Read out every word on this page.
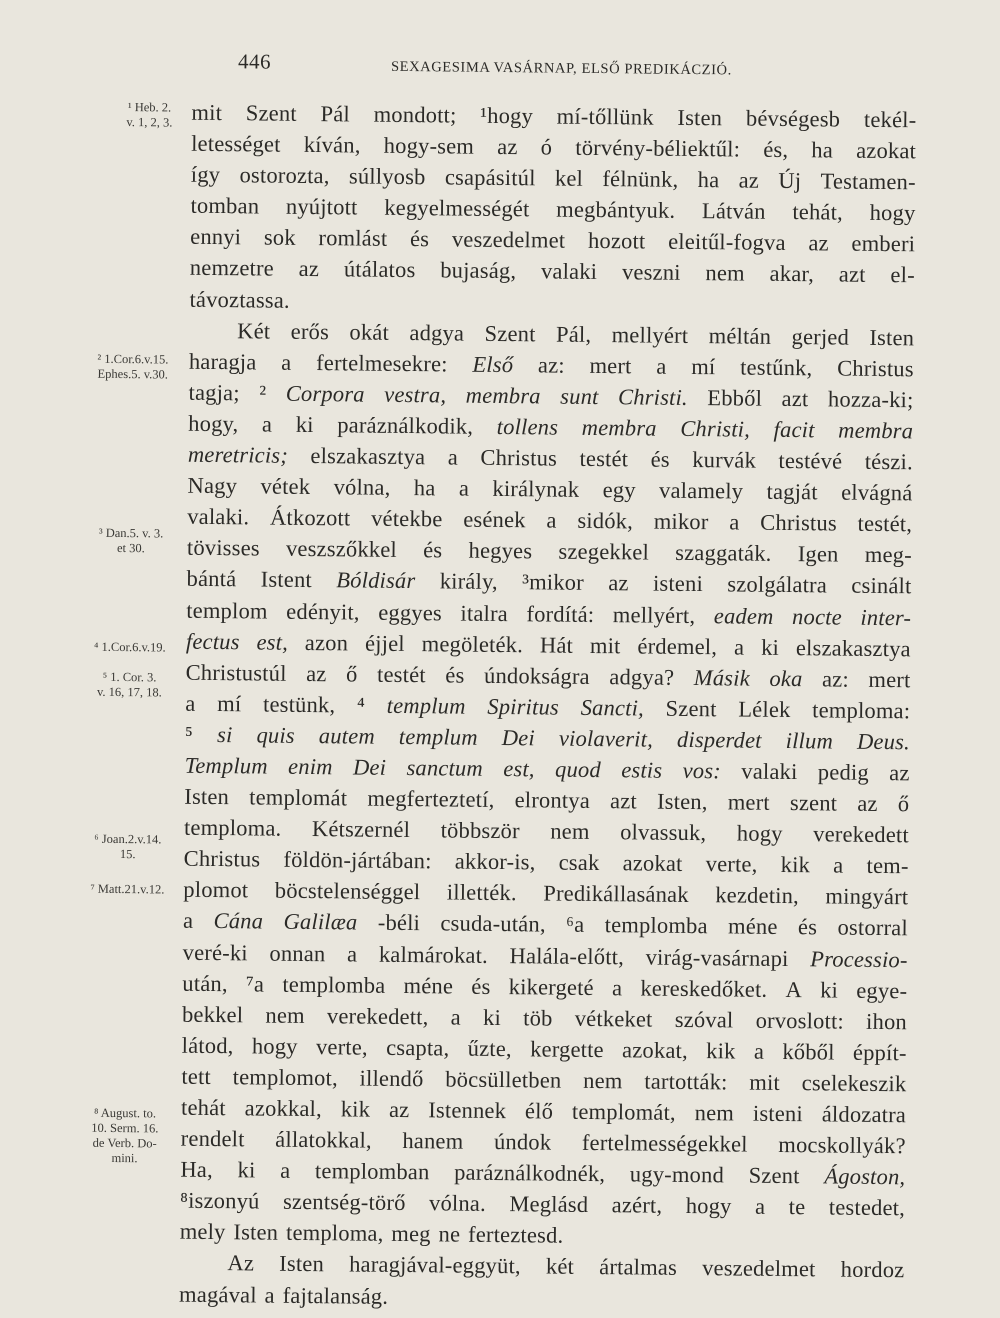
446	SEXAGESIMA VASÁRNAP, ELSŐ PREDIKÁCZIÓ.
mit Szent Pál mondott; ¹hogy mí-tőllünk Isten bévségesb tekél-
letességet kíván, hogy-sem az ó törvény-béliektűl: és, ha azokat
így ostorozta, súllyosb csapásitúl kel félnünk, ha az Új Testamen-
tomban nyújtott kegyelmességét megbántyuk. Látván tehát, hogy
ennyi sok romlást és veszedelmet hozott eleitűl-fogva az emberi
nemzetre az útálatos bujaság, valaki veszni nem akar, azt el-
távoztassa.
Két erős okát adgya Szent Pál, mellyért méltán gerjed Isten
haragja a fertelmesekre: Első az: mert a mí testűnk, Christus
tagja; ² Corpora vestra, membra sunt Christi. Ebből azt hozza-ki;
hogy, a ki paráználkodik, tollens membra Christi, facit membra
meretricis; elszakasztya a Christus testét és kurvák testévé tészi.
Nagy vétek vólna, ha a királynak egy valamely tagját elvágná
valaki. Átkozott vétekbe esének a sidók, mikor a Christus testét,
tövisses veszszőkkel és hegyes szegekkel szaggaták. Igen meg-
bántá Istent Bóldisár király, ³mikor az isteni szolgálatra csinált
templom edényit, eggyes italra fordítá: mellyért, eadem nocte inter-
fectus est, azon éjjel megöleték. Hát mit érdemel, a ki elszakasztya
Christustúl az ő testét és úndokságra adgya? Másik oka az: mert
a mí testünk, ⁴ templum Spiritus Sancti, Szent Lélek temploma:
⁵ si quis autem templum Dei violaverit, disperdet illum Deus.
Templum enim Dei sanctum est, quod estis vos: valaki pedig az
Isten templomát megferteztetí, elrontya azt Isten, mert szent az ő
temploma. Kétszernél többször nem olvassuk, hogy verekedett
Christus földön-jártában: akkor-is, csak azokat verte, kik a tem-
plomot böcstelenséggel illették. Predikállasának kezdetin, mingyárt
a Cána Galilæa -béli csuda-után, ⁶a templomba méne és ostorral
veré-ki onnan a kalmárokat. Halála-előtt, virág-vasárnapi Processio-
után, ⁷a templomba méne és kikergeté a kereskedőket. A ki egye-
bekkel nem verekedett, a ki töb vétkeket szóval orvoslott: ihon
látod, hogy verte, csapta, űzte, kergette azokat, kik a kőből éppít-
tett templomot, illendő böcsülletben nem tartották: mit cselekeszik
tehát azokkal, kik az Istennek élő templomát, nem isteni áldozatra
rendelt állatokkal, hanem úndok fertelmességekkel mocskollyák?
Ha, ki a templomban paráználkodnék, ugy-mond Szent Ágoston,
⁸iszonyú szentség-törő vólna. Meglásd azért, hogy a te testedet,
mely Isten temploma, meg ne ferteztesd.
Az Isten haragjával-eggyüt, két ártalmas veszedelmet hordoz
magával a fajtalanság.
¹ Heb. 2.
v. 1, 2, 3.
² 1.Cor.6.v.15.
Ephes.5. v.30.
³ Dan.5. v. 3.
et 30.
⁴ 1.Cor.6.v.19.
⁵ 1. Cor. 3.
v. 16, 17, 18.
⁶ Joan.2.v.14.
15.
⁷ Matt.21.v.12.
⁸ August. to.
10. Serm. 16.
de Verb. Do-
mini.
